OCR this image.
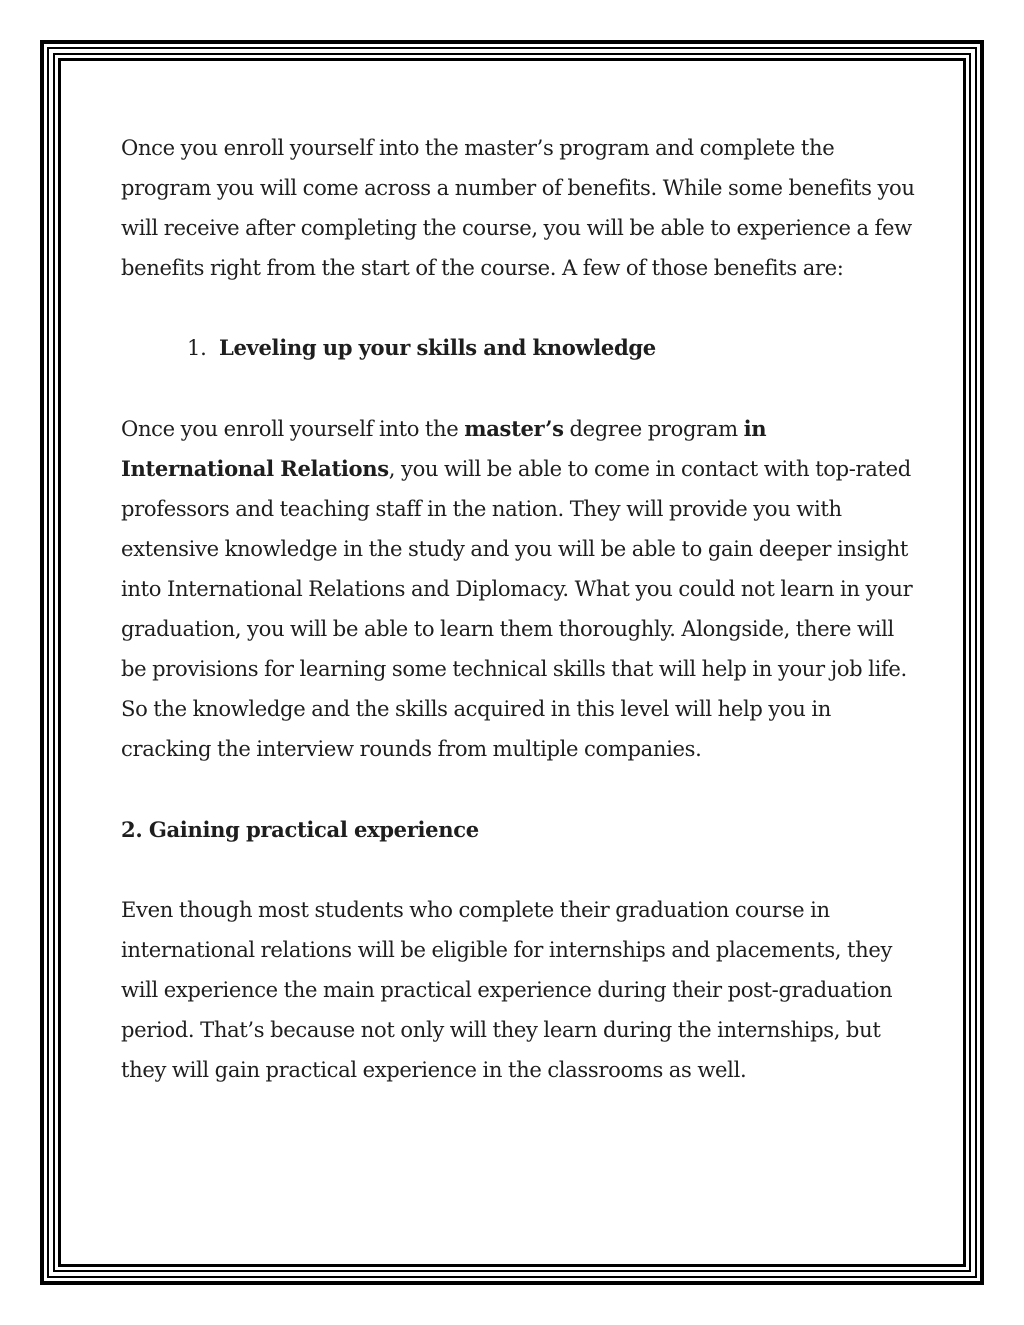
Once you enroll yourself into the master’s program and complete the program you will come across a number of benefits. While some benefits you will receive after completing the course, you will be able to experience a few benefits right from the start of the course. A few of those benefits are:

1. Leveling up your skills and knowledge

Once you enroll yourself into the master’s degree program in International Relations, you will be able to come in contact with top-rated professors and teaching staff in the nation. They will provide you with extensive knowledge in the study and you will be able to gain deeper insight into International Relations and Diplomacy. What you could not learn in your graduation, you will be able to learn them thoroughly. Alongside, there will be provisions for learning some technical skills that will help in your job life. So the knowledge and the skills acquired in this level will help you in cracking the interview rounds from multiple companies.

2. Gaining practical experience

Even though most students who complete their graduation course in international relations will be eligible for internships and placements, they will experience the main practical experience during their post-graduation period. That’s because not only will they learn during the internships, but they will gain practical experience in the classrooms as well.
